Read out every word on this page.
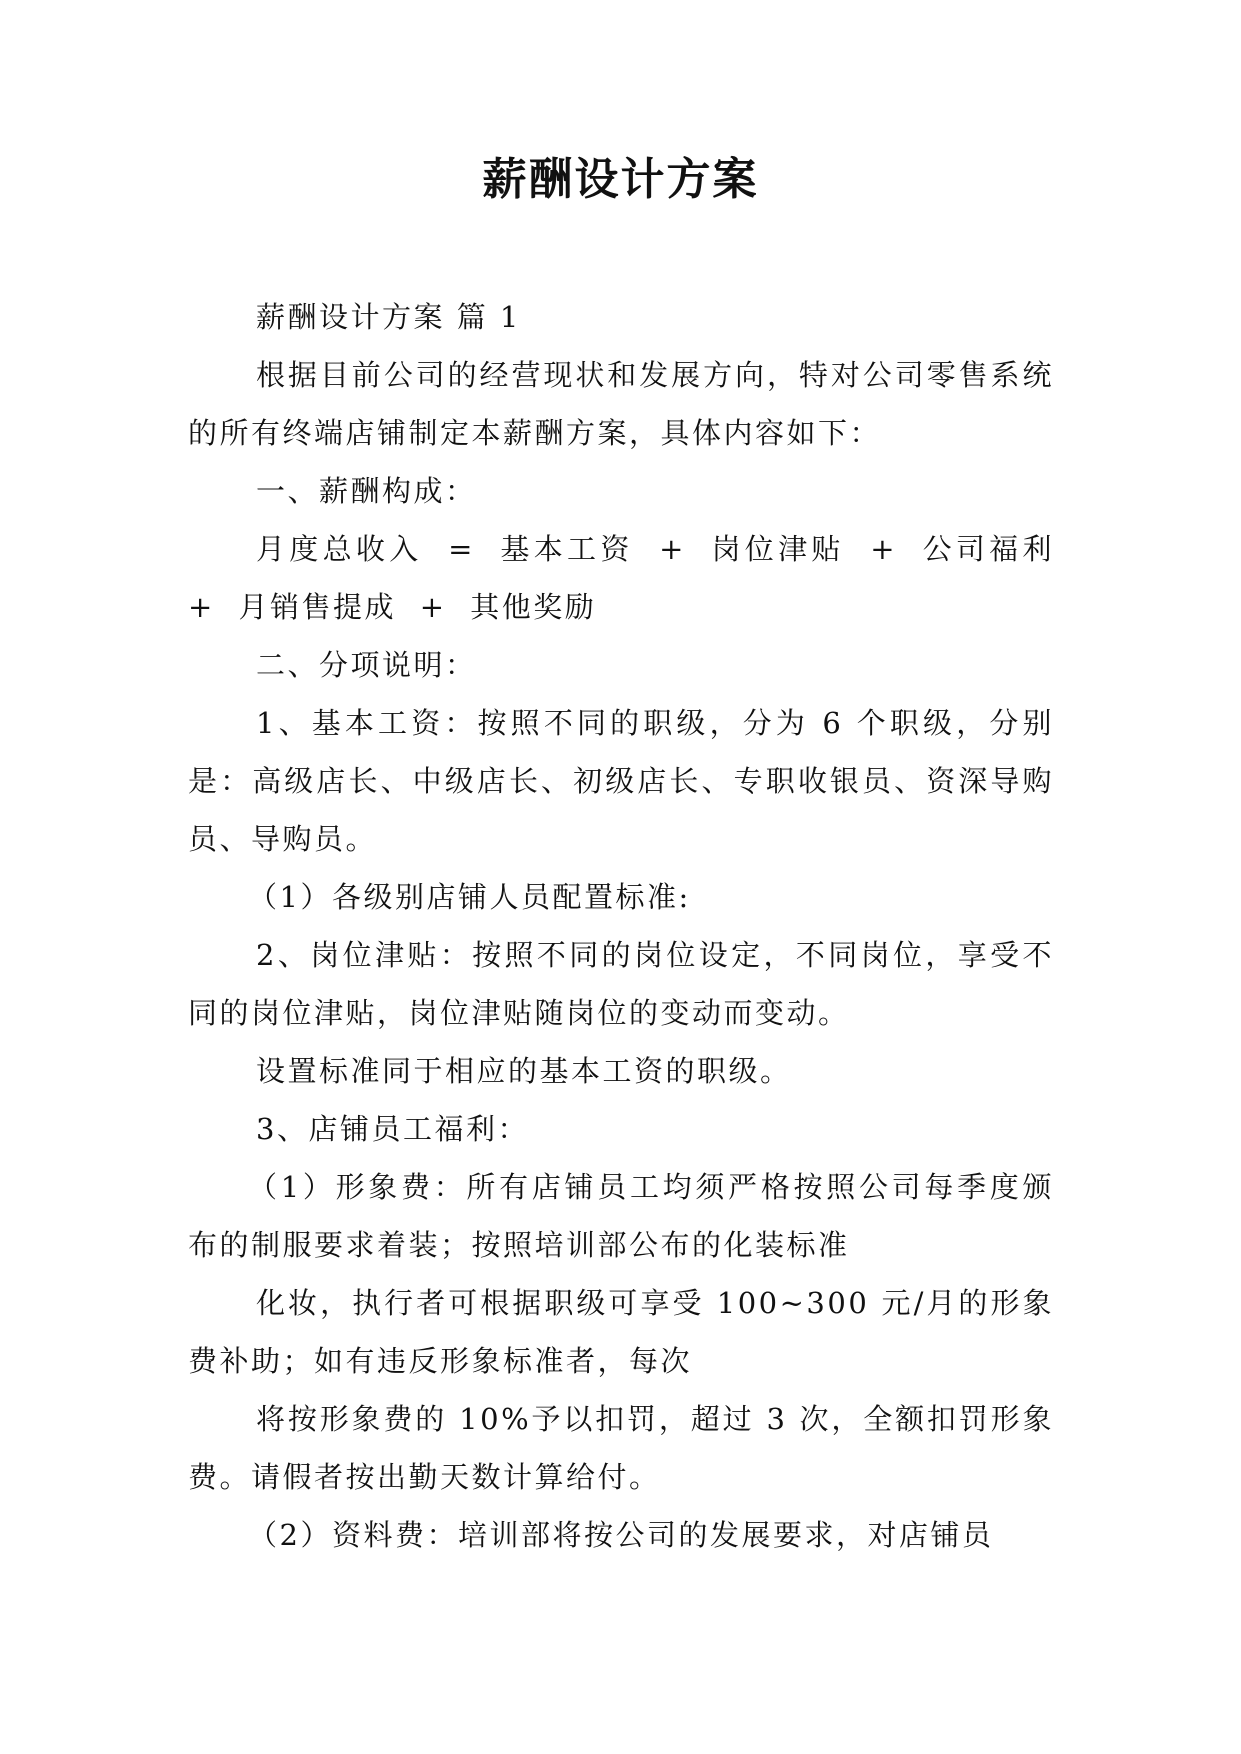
薪酬设计方案

薪酬设计方案 篇 1

根据目前公司的经营现状和发展方向，特对公司零售系统的所有终端店铺制定本薪酬方案，具体内容如下：

一、薪酬构成：

月度总收入 = 基本工资 + 岗位津贴 + 公司福利 + 月销售提成 + 其他奖励

二、分项说明：

1、基本工资：按照不同的职级，分为 6 个职级，分别是：高级店长、中级店长、初级店长、专职收银员、资深导购员、导购员。

（1）各级别店铺人员配置标准:

2、岗位津贴：按照不同的岗位设定，不同岗位，享受不同的岗位津贴，岗位津贴随岗位的变动而变动。

设置标准同于相应的基本工资的职级。

3、店铺员工福利：

（1）形象费：所有店铺员工均须严格按照公司每季度颁布的制服要求着装；按照培训部公布的化装标准

化妆，执行者可根据职级可享受 100~300 元/月的形象费补助；如有违反形象标准者，每次

将按形象费的 10%予以扣罚，超过 3 次，全额扣罚形象费。请假者按出勤天数计算给付。

（2）资料费：培训部将按公司的发展要求，对店铺员
